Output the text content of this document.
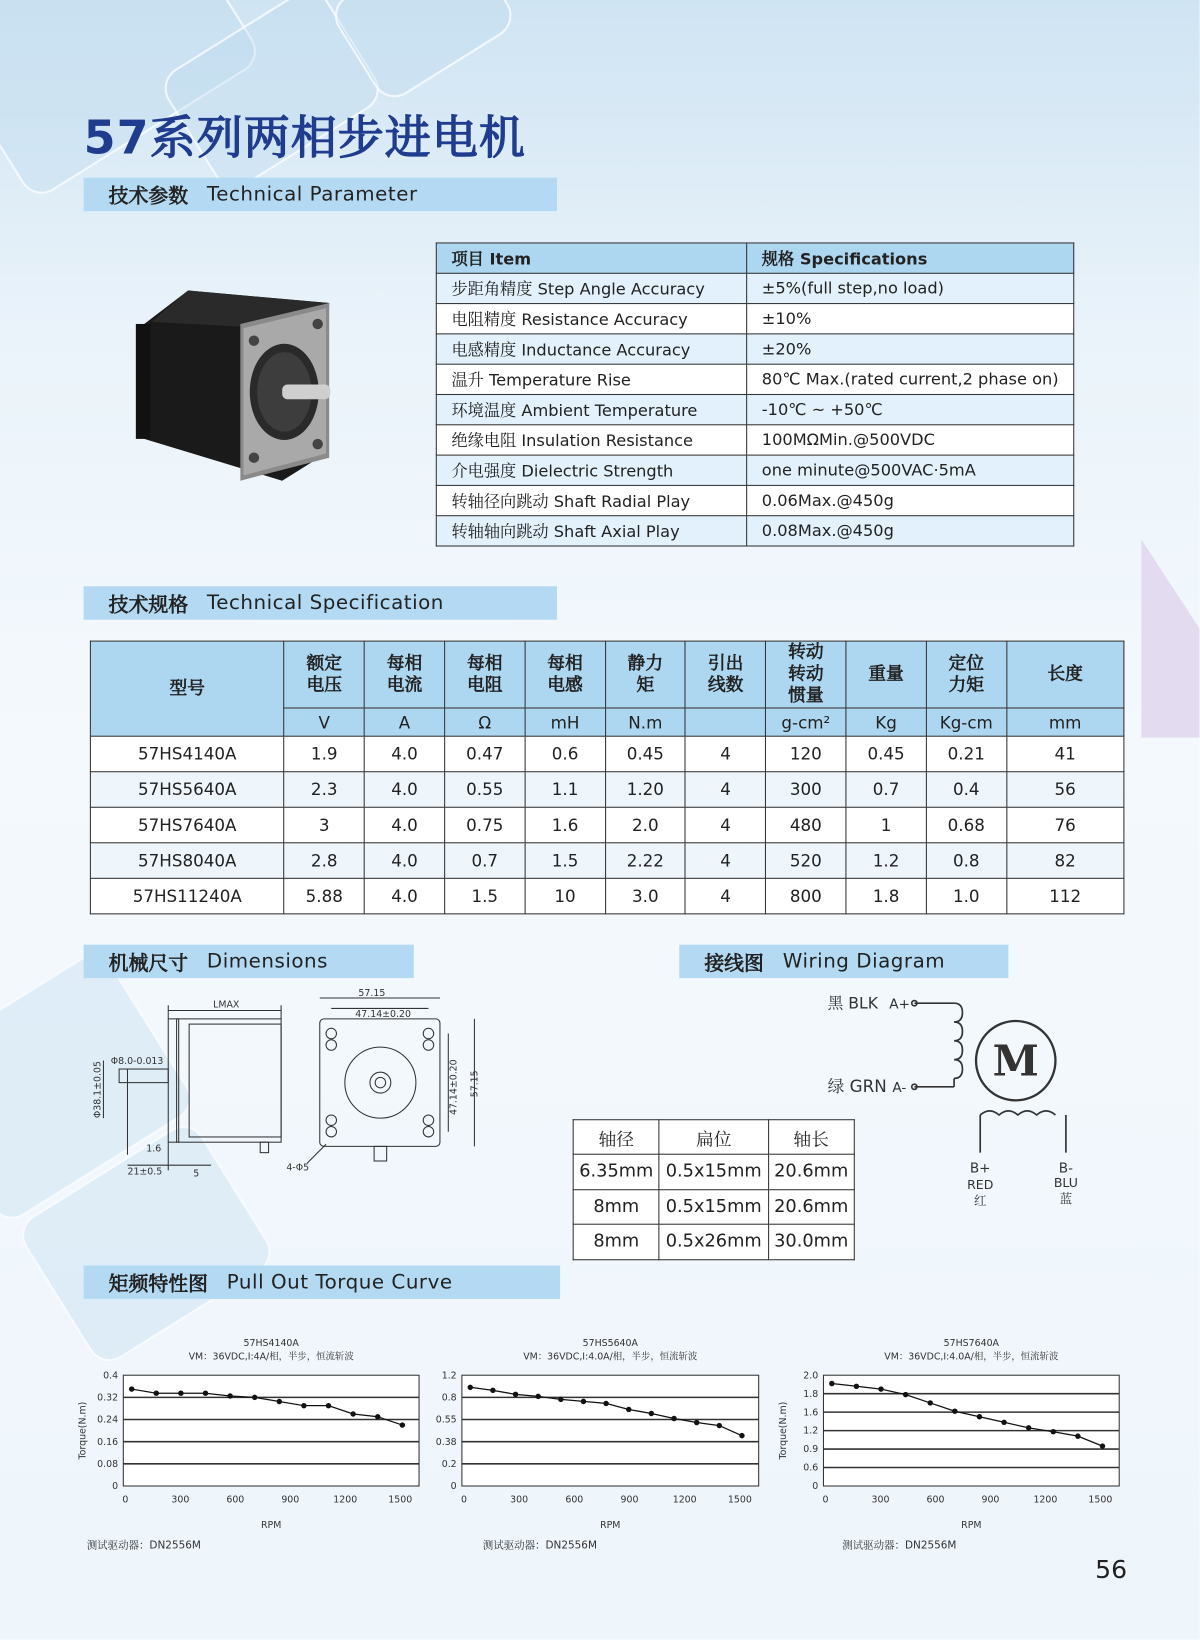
57系列两相步进电机
技术参数 Technical Parameter
项目 Item	规格 Specifications
步距角精度 Step Angle Accuracy	±5%(full step,no load)
电阻精度 Resistance Accuracy	±10%
电感精度 Inductance Accuracy	±20%
温升 Temperature Rise	80℃ Max.(rated current,2 phase on)
环境温度 Ambient Temperature	-10℃ ~ +50℃
绝缘电阻 Insulation Resistance	100MΩMin.@500VDC
介电强度 Dielectric Strength	one minute@500VAC·5mA
转轴径向跳动 Shaft Radial Play	0.06Max.@450g
转轴轴向跳动 Shaft Axial Play	0.08Max.@450g
技术规格 Technical Specification
型号	额定电压	每相电流	每相电阻	每相电感	静力矩	引出线数	转动转动惯量	重量	定位力矩	长度
	V	A	Ω	mH	N.m		g-cm²	Kg	Kg-cm	mm
57HS4140A	1.9	4.0	0.47	0.6	0.45	4	120	0.45	0.21	41
57HS5640A	2.3	4.0	0.55	1.1	1.20	4	300	0.7	0.4	56
57HS7640A	3	4.0	0.75	1.6	2.0	4	480	1	0.68	76
57HS8040A	2.8	4.0	0.7	1.5	2.22	4	520	1.2	0.8	82
57HS11240A	5.88	4.0	1.5	10	3.0	4	800	1.8	1.0	112
机械尺寸 Dimensions	接线图 Wiring Diagram
LMAX
Φ8.0-0.013
Φ38.1±0.05
1.6
21±0.5	5
57.15
47.14±0.20
47.14±0.20 57.15
4-Φ5
黑 BLK A+
绿 GRN A-
M
B+
RED
红
B-
BLU
蓝
轴径	扁位	轴长
6.35mm	0.5x15mm	20.6mm
8mm	0.5x15mm	20.6mm
8mm	0.5x26mm	30.0mm
矩频特性图 Pull Out Torque Curve
57HS4140A
VM：36VDC,I:4A/相，半步，恒流斩波
0
0.08
0.16
0.24
0.32
0.4
0	300	600	900	1200	1500
RPM
Torque(N.m)
57HS5640A
VM：36VDC,I:4.0A/相，半步，恒流斩波
0
0.2
0.38
0.55
0.8
1.2
0	300	600	900	1200	1500
RPM
57HS7640A
VM：36VDC,I:4.0A/相，半步，恒流斩波
0
0.6
0.9
1.2
1.6
1.8
2.0
0	300	600	900	1200	1500
RPM
Torque(N.m)
测试驱动器：DN2556M	测试驱动器：DN2556M	测试驱动器：DN2556M
56
